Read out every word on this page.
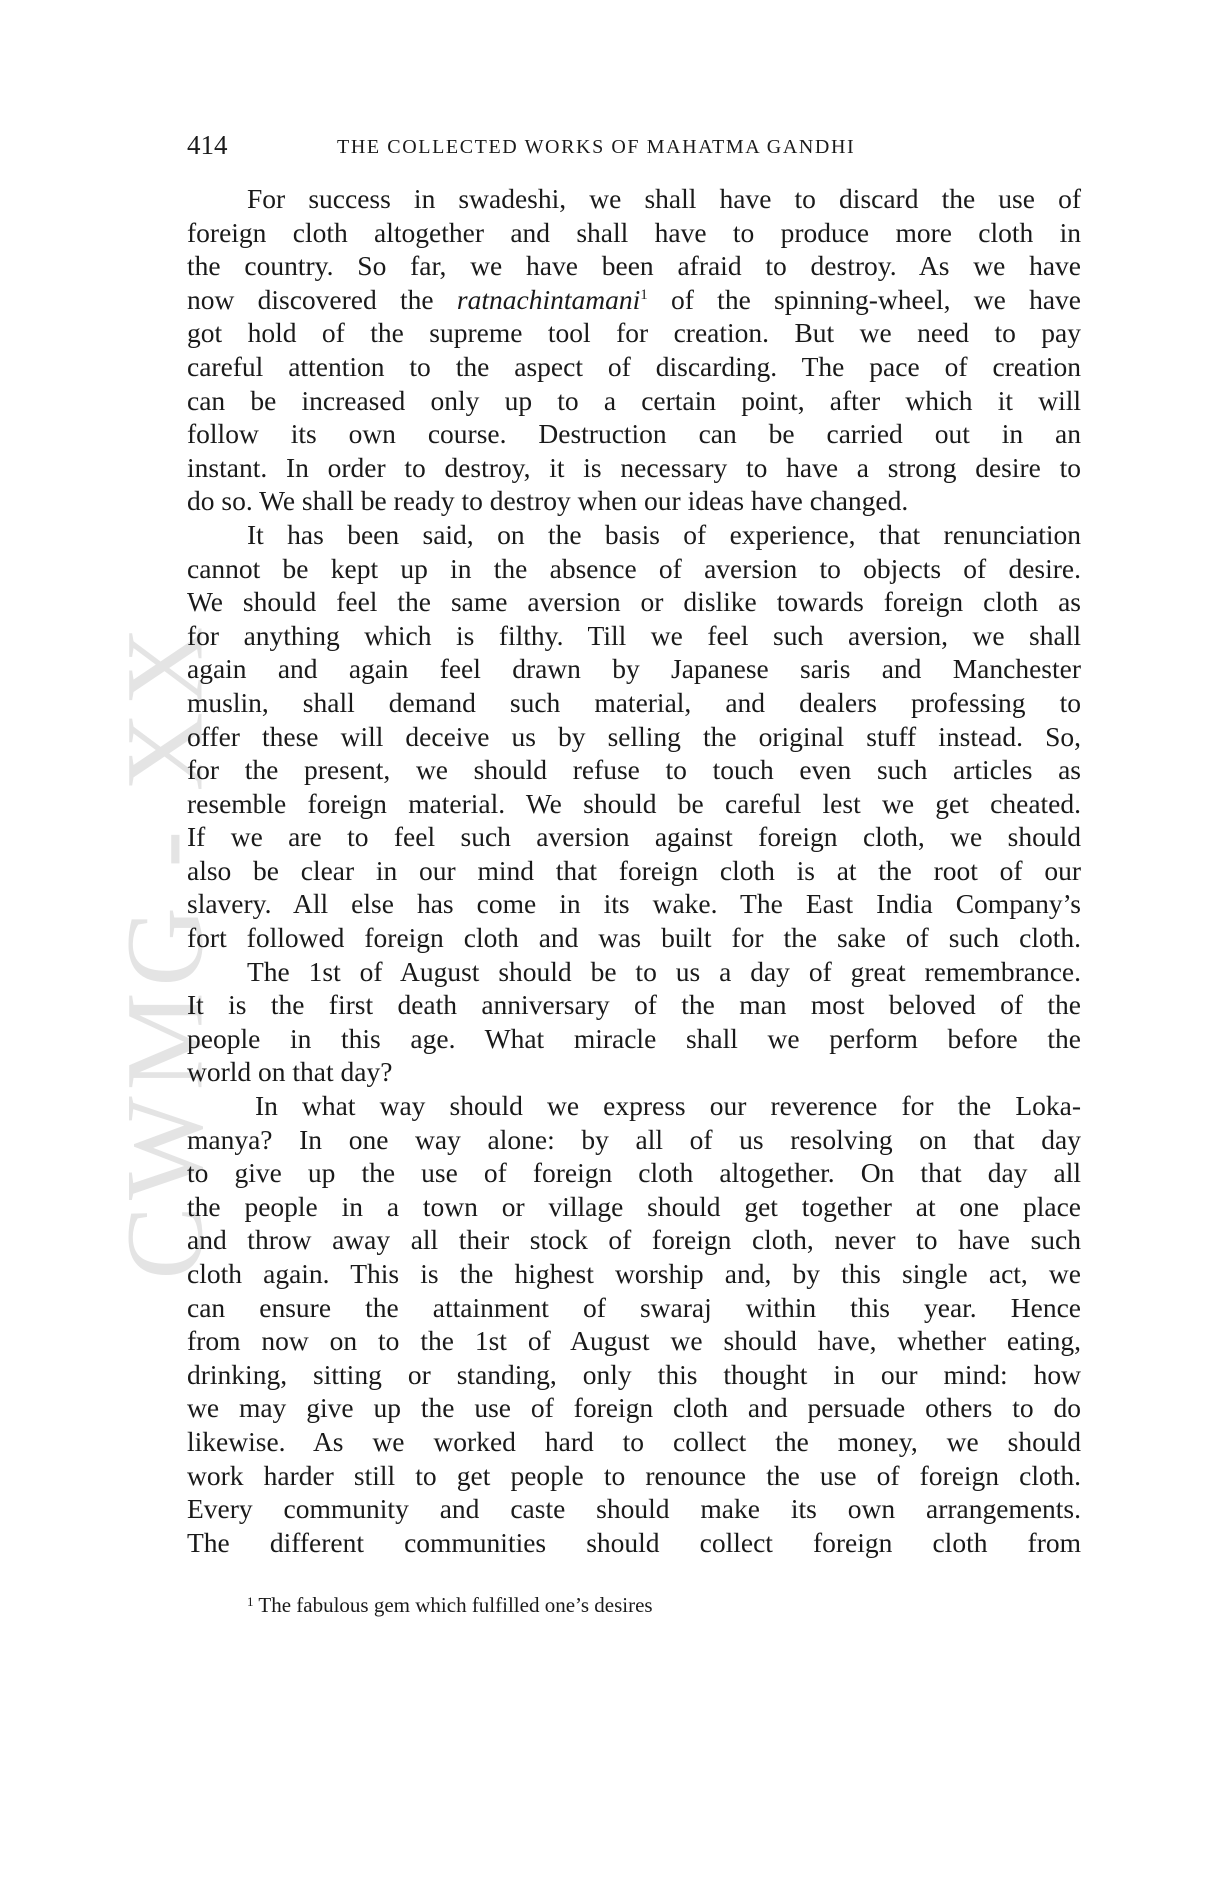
CWMG - XX
414	THE COLLECTED WORKS OF MAHATMA GANDHI
For success in swadeshi, we shall have to discard the use of
foreign cloth altogether and shall have to produce more cloth in
the country. So far, we have been afraid to destroy. As we have
now discovered the ratnachintamani$^1$ of the spinning-wheel, we have
got hold of the supreme tool for creation. But we need to pay
careful attention to the aspect of discarding. The pace of creation
can be increased only up to a certain point, after which it will
follow its own course. Destruction can be carried out in an
instant. In order to destroy, it is necessary to have a strong desire to
do so. We shall be ready to destroy when our ideas have changed.
It has been said, on the basis of experience, that renunciation
cannot be kept up in the absence of aversion to objects of desire.
We should feel the same aversion or dislike towards foreign cloth as
for anything which is filthy. Till we feel such aversion, we shall
again and again feel drawn by Japanese saris and Manchester
muslin, shall demand such material, and dealers professing to
offer these will deceive us by selling the original stuff instead. So,
for the present, we should refuse to touch even such articles as
resemble foreign material. We should be careful lest we get cheated.
If we are to feel such aversion against foreign cloth, we should
also be clear in our mind that foreign cloth is at the root of our
slavery. All else has come in its wake. The East India Company’s
fort followed foreign cloth and was built for the sake of such cloth.
The 1st of August should be to us a day of great remembrance.
It is the first death anniversary of the man most beloved of the
people in this age. What miracle shall we perform before the
world on that day?
In what way should we express our reverence for the Loka-
manya? In one way alone: by all of us resolving on that day
to give up the use of foreign cloth altogether. On that day all
the people in a town or village should get together at one place
and throw away all their stock of foreign cloth, never to have such
cloth again. This is the highest worship and, by this single act, we
can ensure the attainment of swaraj within this year. Hence
from now on to the 1st of August we should have, whether eating,
drinking, sitting or standing, only this thought in our mind: how
we may give up the use of foreign cloth and persuade others to do
likewise. As we worked hard to collect the money, we should
work harder still to get people to renounce the use of foreign cloth.
Every community and caste should make its own arrangements.
The different communities should collect foreign cloth from
$^1$ The fabulous gem which fulfilled one’s desires
